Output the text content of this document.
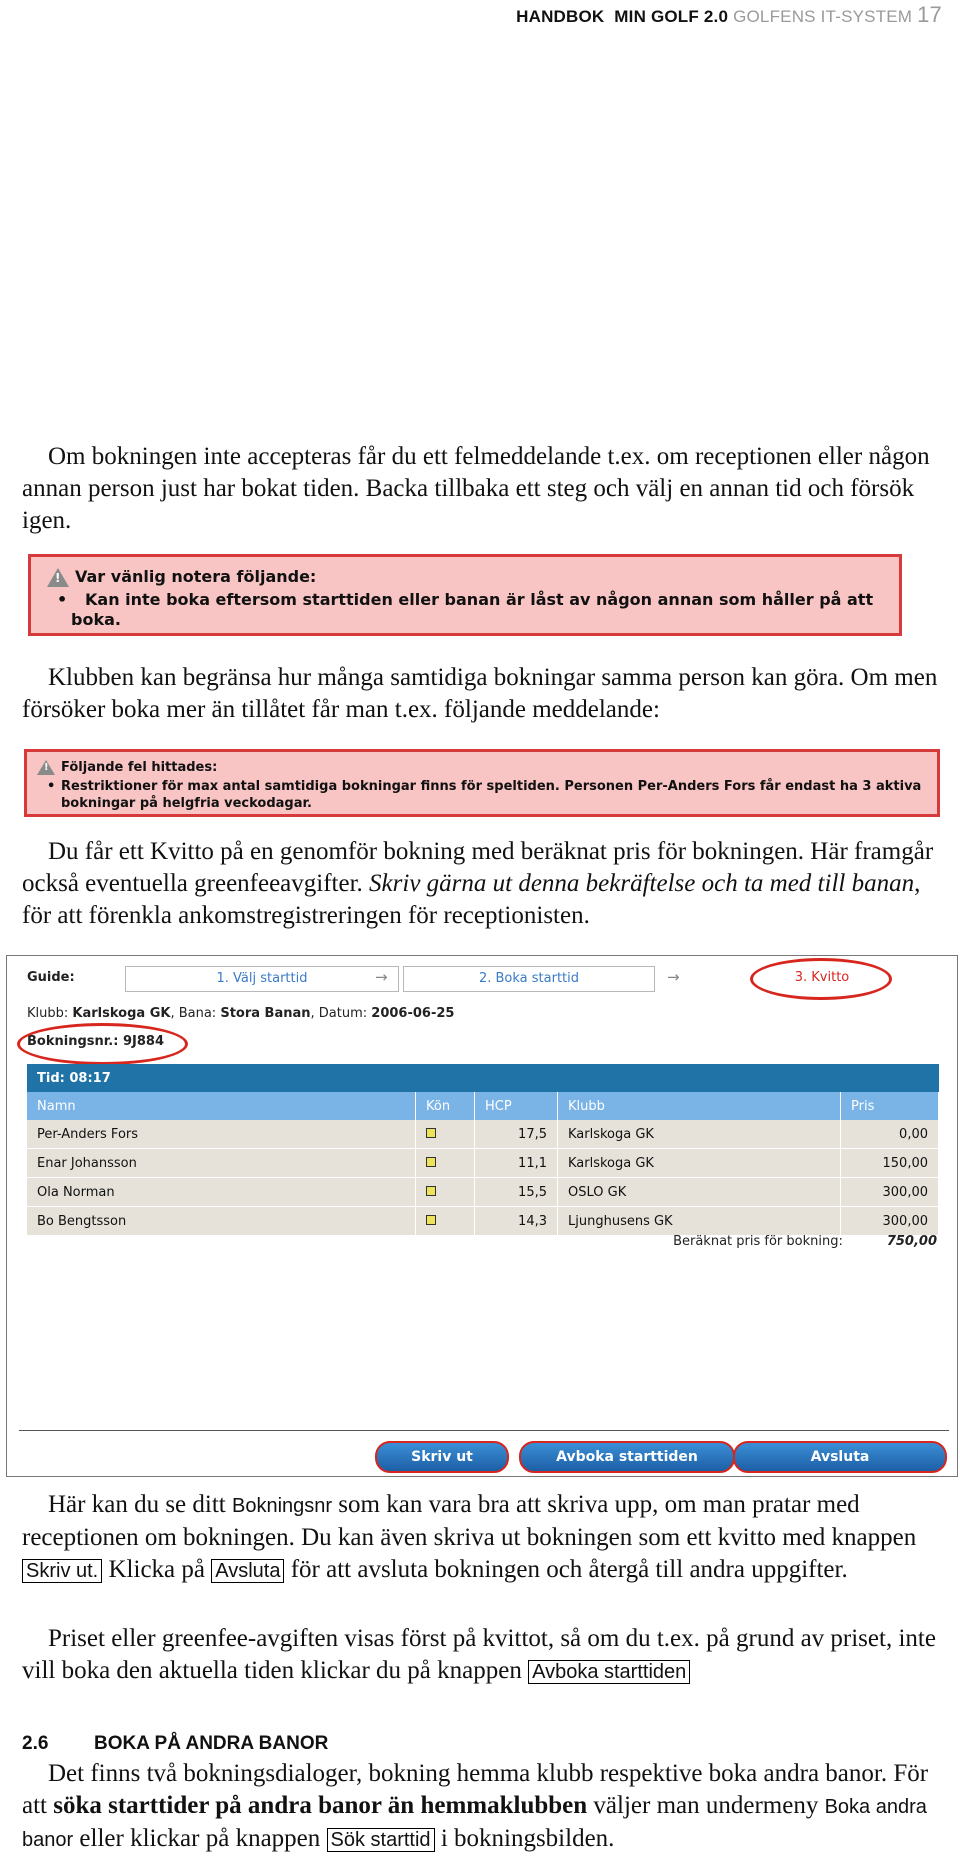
HANDBOK MIN GOLF 2.0 GOLFENS IT-SYSTEM 17

Om bokningen inte accepteras får du ett felmeddelande t.ex. om receptionen eller någon annan person just har bokat tiden. Backa tillbaka ett steg och välj en annan tid och försök igen.

! Var vänlig notera följande:
• Kan inte boka eftersom starttiden eller banan är låst av någon annan som håller på att boka.

Klubben kan begränsa hur många samtidiga bokningar samma person kan göra. Om men försöker boka mer än tillåtet får man t.ex. följande meddelande:

! Följande fel hittades:
• Restriktioner för max antal samtidiga bokningar finns för speltiden. Personen Per-Anders Fors får endast ha 3 aktiva bokningar på helgfria veckodagar.

Du får ett Kvitto på en genomför bokning med beräknat pris för bokningen. Här framgår också eventuella greenfeeavgifter. Skriv gärna ut denna bekräftelse och ta med till banan, för att förenkla ankomstregistreringen för receptionisten.

Guide:	1. Välj starttid	→	2. Boka starttid	→	3. Kvitto
Klubb: Karlskoga GK, Bana: Stora Banan, Datum: 2006-06-25
Bokningsnr.: 9J884
Tid: 08:17				
Namn	Kön	HCP	Klubb	Pris
Per-Anders Fors		17,5	Karlskoga GK	0,00
Enar Johansson		11,1	Karlskoga GK	150,00
Ola Norman		15,5	OSLO GK	300,00
Bo Bengtsson		14,3	Ljunghusens GK	300,00
Beräknat pris för bokning:	750,00
Skriv ut	Avboka starttiden	Avsluta

Här kan du se ditt Bokningsnr som kan vara bra att skriva upp, om man pratar med receptionen om bokningen. Du kan även skriva ut bokningen som ett kvitto med knappen Skriv ut. Klicka på Avsluta för att avsluta bokningen och återgå till andra uppgifter.

Priset eller greenfee-avgiften visas först på kvittot, så om du t.ex. på grund av priset, inte vill boka den aktuella tiden klickar du på knappen Avboka starttiden

2.6 BOKA PÅ ANDRA BANOR

Det finns två bokningsdialoger, bokning hemma klubb respektive boka andra banor. För att söka starttider på andra banor än hemmaklubben väljer man undermeny Boka andra banor eller klickar på knappen Sök starttid i bokningsbilden.
